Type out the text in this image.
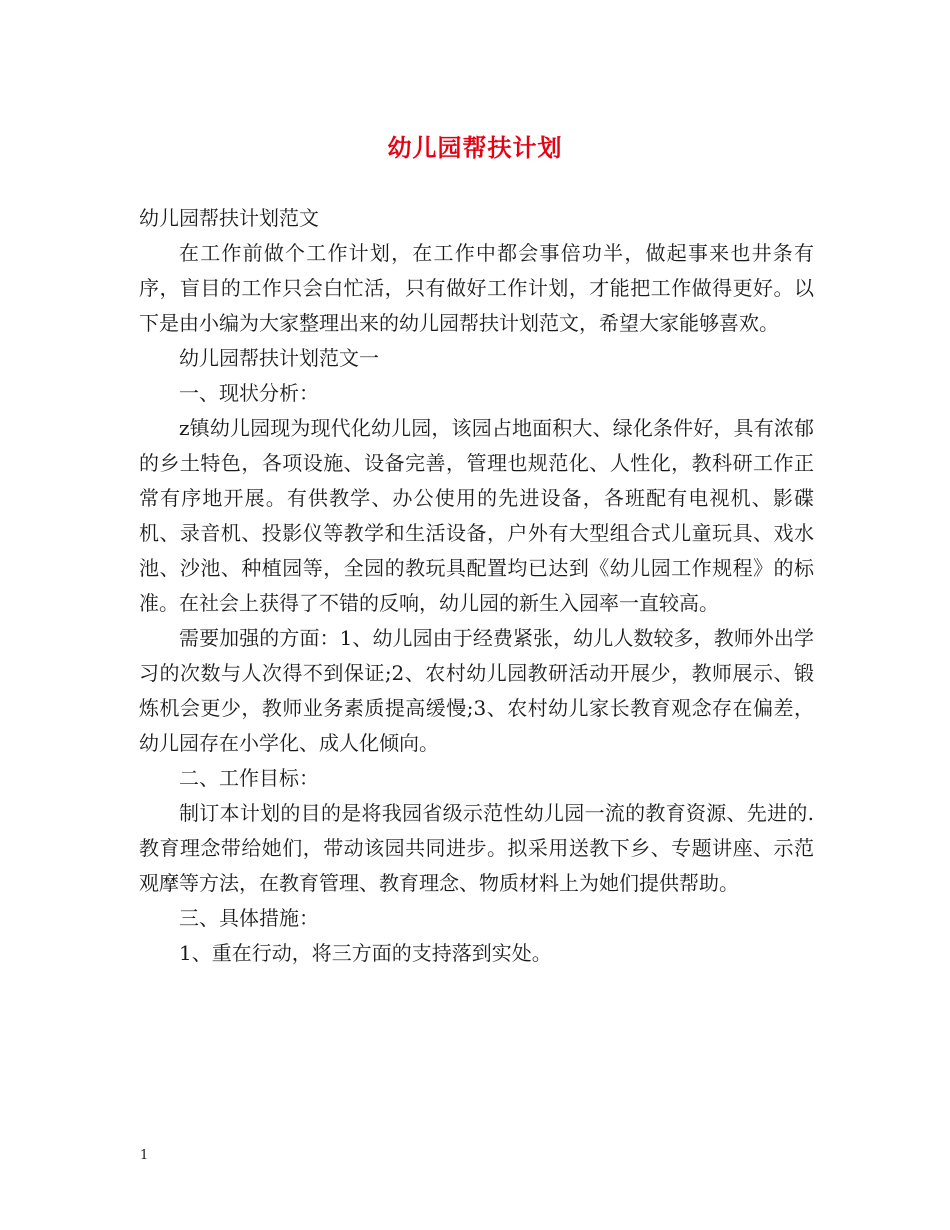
幼儿园帮扶计划

幼儿园帮扶计划范文

在工作前做个工作计划，在工作中都会事倍功半，做起事来也井条有序，盲目的工作只会白忙活，只有做好工作计划，才能把工作做得更好。以下是由小编为大家整理出来的幼儿园帮扶计划范文，希望大家能够喜欢。

幼儿园帮扶计划范文一

一、现状分析：

z镇幼儿园现为现代化幼儿园，该园占地面积大、绿化条件好，具有浓郁的乡土特色，各项设施、设备完善，管理也规范化、人性化，教科研工作正常有序地开展。有供教学、办公使用的先进设备，各班配有电视机、影碟机、录音机、投影仪等教学和生活设备，户外有大型组合式儿童玩具、戏水池、沙池、种植园等，全园的教玩具配置均已达到《幼儿园工作规程》的标准。在社会上获得了不错的反响，幼儿园的新生入园率一直较高。

需要加强的方面：1、幼儿园由于经费紧张，幼儿人数较多，教师外出学习的次数与人次得不到保证;2、农村幼儿园教研活动开展少，教师展示、锻炼机会更少，教师业务素质提高缓慢;3、农村幼儿家长教育观念存在偏差，幼儿园存在小学化、成人化倾向。

二、工作目标：

制订本计划的目的是将我园省级示范性幼儿园一流的教育资源、先进的.教育理念带给她们，带动该园共同进步。拟采用送教下乡、专题讲座、示范观摩等方法，在教育管理、教育理念、物质材料上为她们提供帮助。

三、具体措施：

1、重在行动，将三方面的支持落到实处。

1
